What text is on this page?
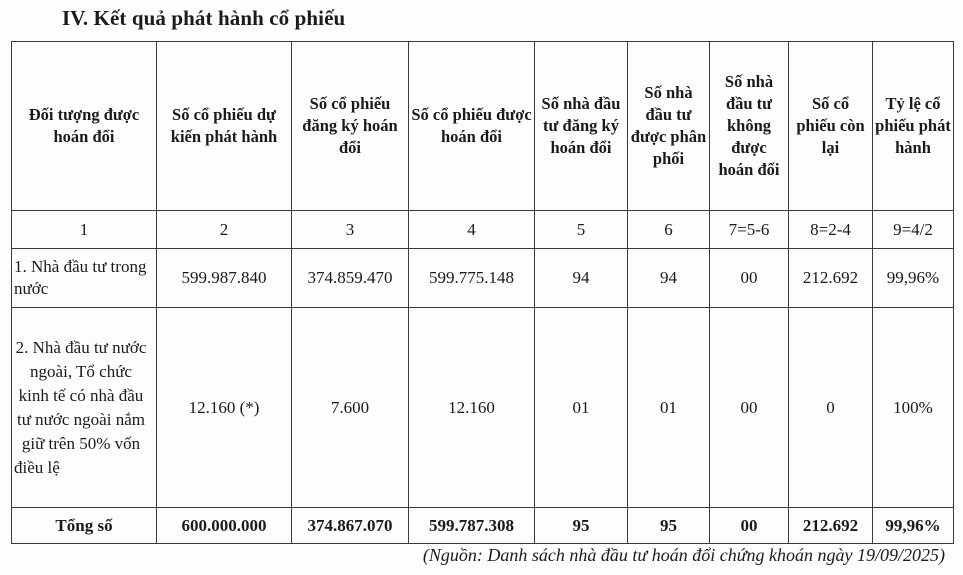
IV. Kết quả phát hành cổ phiếu
Đối tượng được hoán đổi	Số cổ phiếu dự kiến phát hành	Số cổ phiếu đăng ký hoán đổi	Số cổ phiếu được hoán đổi	Số nhà đầu tư đăng ký hoán đổi	Số nhà đầu tư được phân phối	Số nhà đầu tư không được hoán đổi	Số cổ phiếu còn lại	Tỷ lệ cổ phiếu phát hành
1	2	3	4	5	6	7=5-6	8=2-4	9=4/2
1. Nhà đầu tư trong nước	599.987.840	374.859.470	599.775.148	94	94	00	212.692	99,96%
2. Nhà đầu tư nước ngoài, Tổ chức kinh tế có nhà đầu tư nước ngoài nắm giữ trên 50% vốn điều lệ	12.160 (*)	7.600	12.160	01	01	00	0	100%
Tổng số	600.000.000	374.867.070	599.787.308	95	95	00	212.692	99,96%
(Nguồn: Danh sách nhà đầu tư hoán đổi chứng khoán ngày 19/09/2025)
